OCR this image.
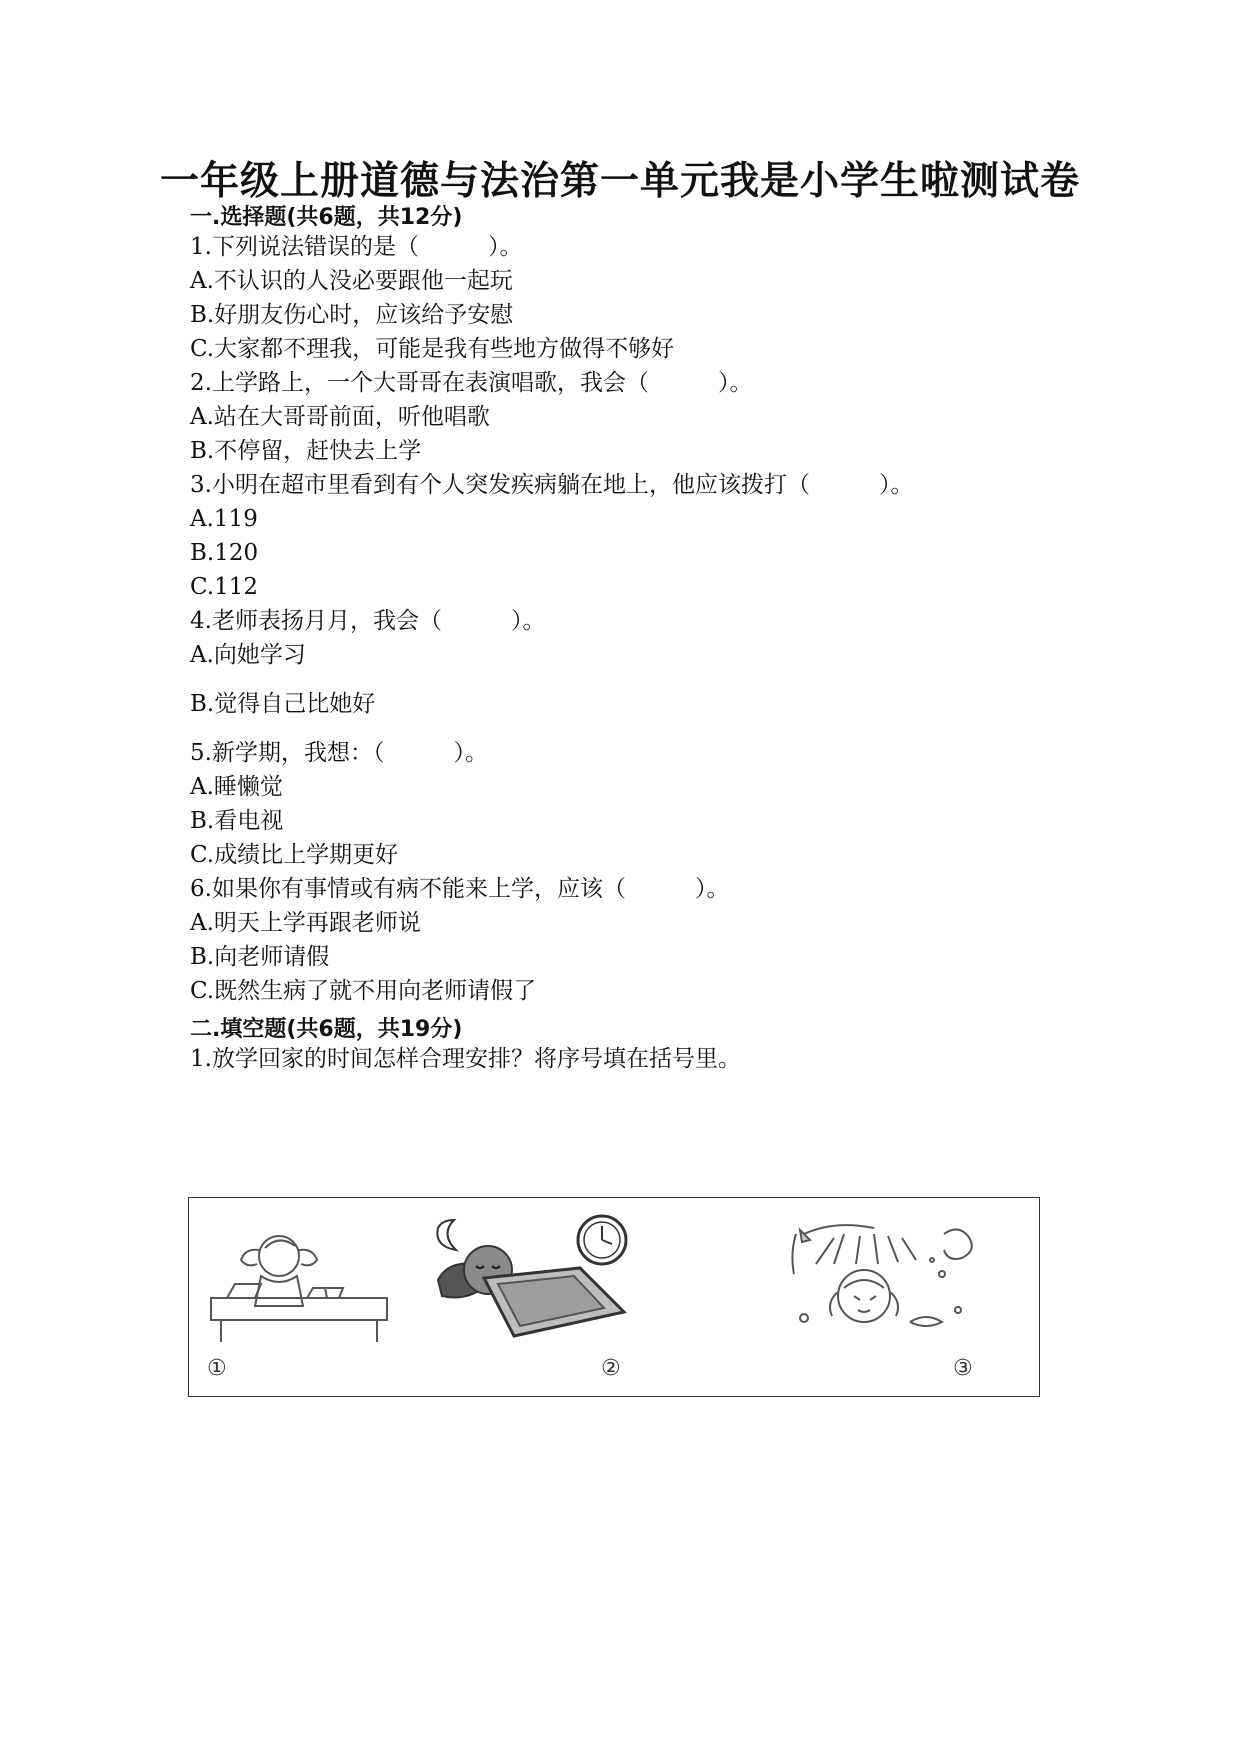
一年级上册道德与法治第一单元我是小学生啦测试卷
一.选择题(共6题，共12分)

1.下列说法错误的是（　　　）。

A.不认识的人没必要跟他一起玩

B.好朋友伤心时，应该给予安慰

C.大家都不理我，可能是我有些地方做得不够好

2.上学路上，一个大哥哥在表演唱歌，我会（　　　）。

A.站在大哥哥前面，听他唱歌

B.不停留，赶快去上学

3.小明在超市里看到有个人突发疾病躺在地上，他应该拨打（　　　）。

A.119

B.120

C.112

4.老师表扬月月，我会（　　　）。

A.向她学习

B.觉得自己比她好

5.新学期，我想：（　　　）。

A.睡懒觉

B.看电视

C.成绩比上学期更好

6.如果你有事情或有病不能来上学，应该（　　　）。

A.明天上学再跟老师说

B.向老师请假

C.既然生病了就不用向老师请假了

二.填空题(共6题，共19分)

1.放学回家的时间怎样合理安排？将序号填在括号里。

①	②	③
